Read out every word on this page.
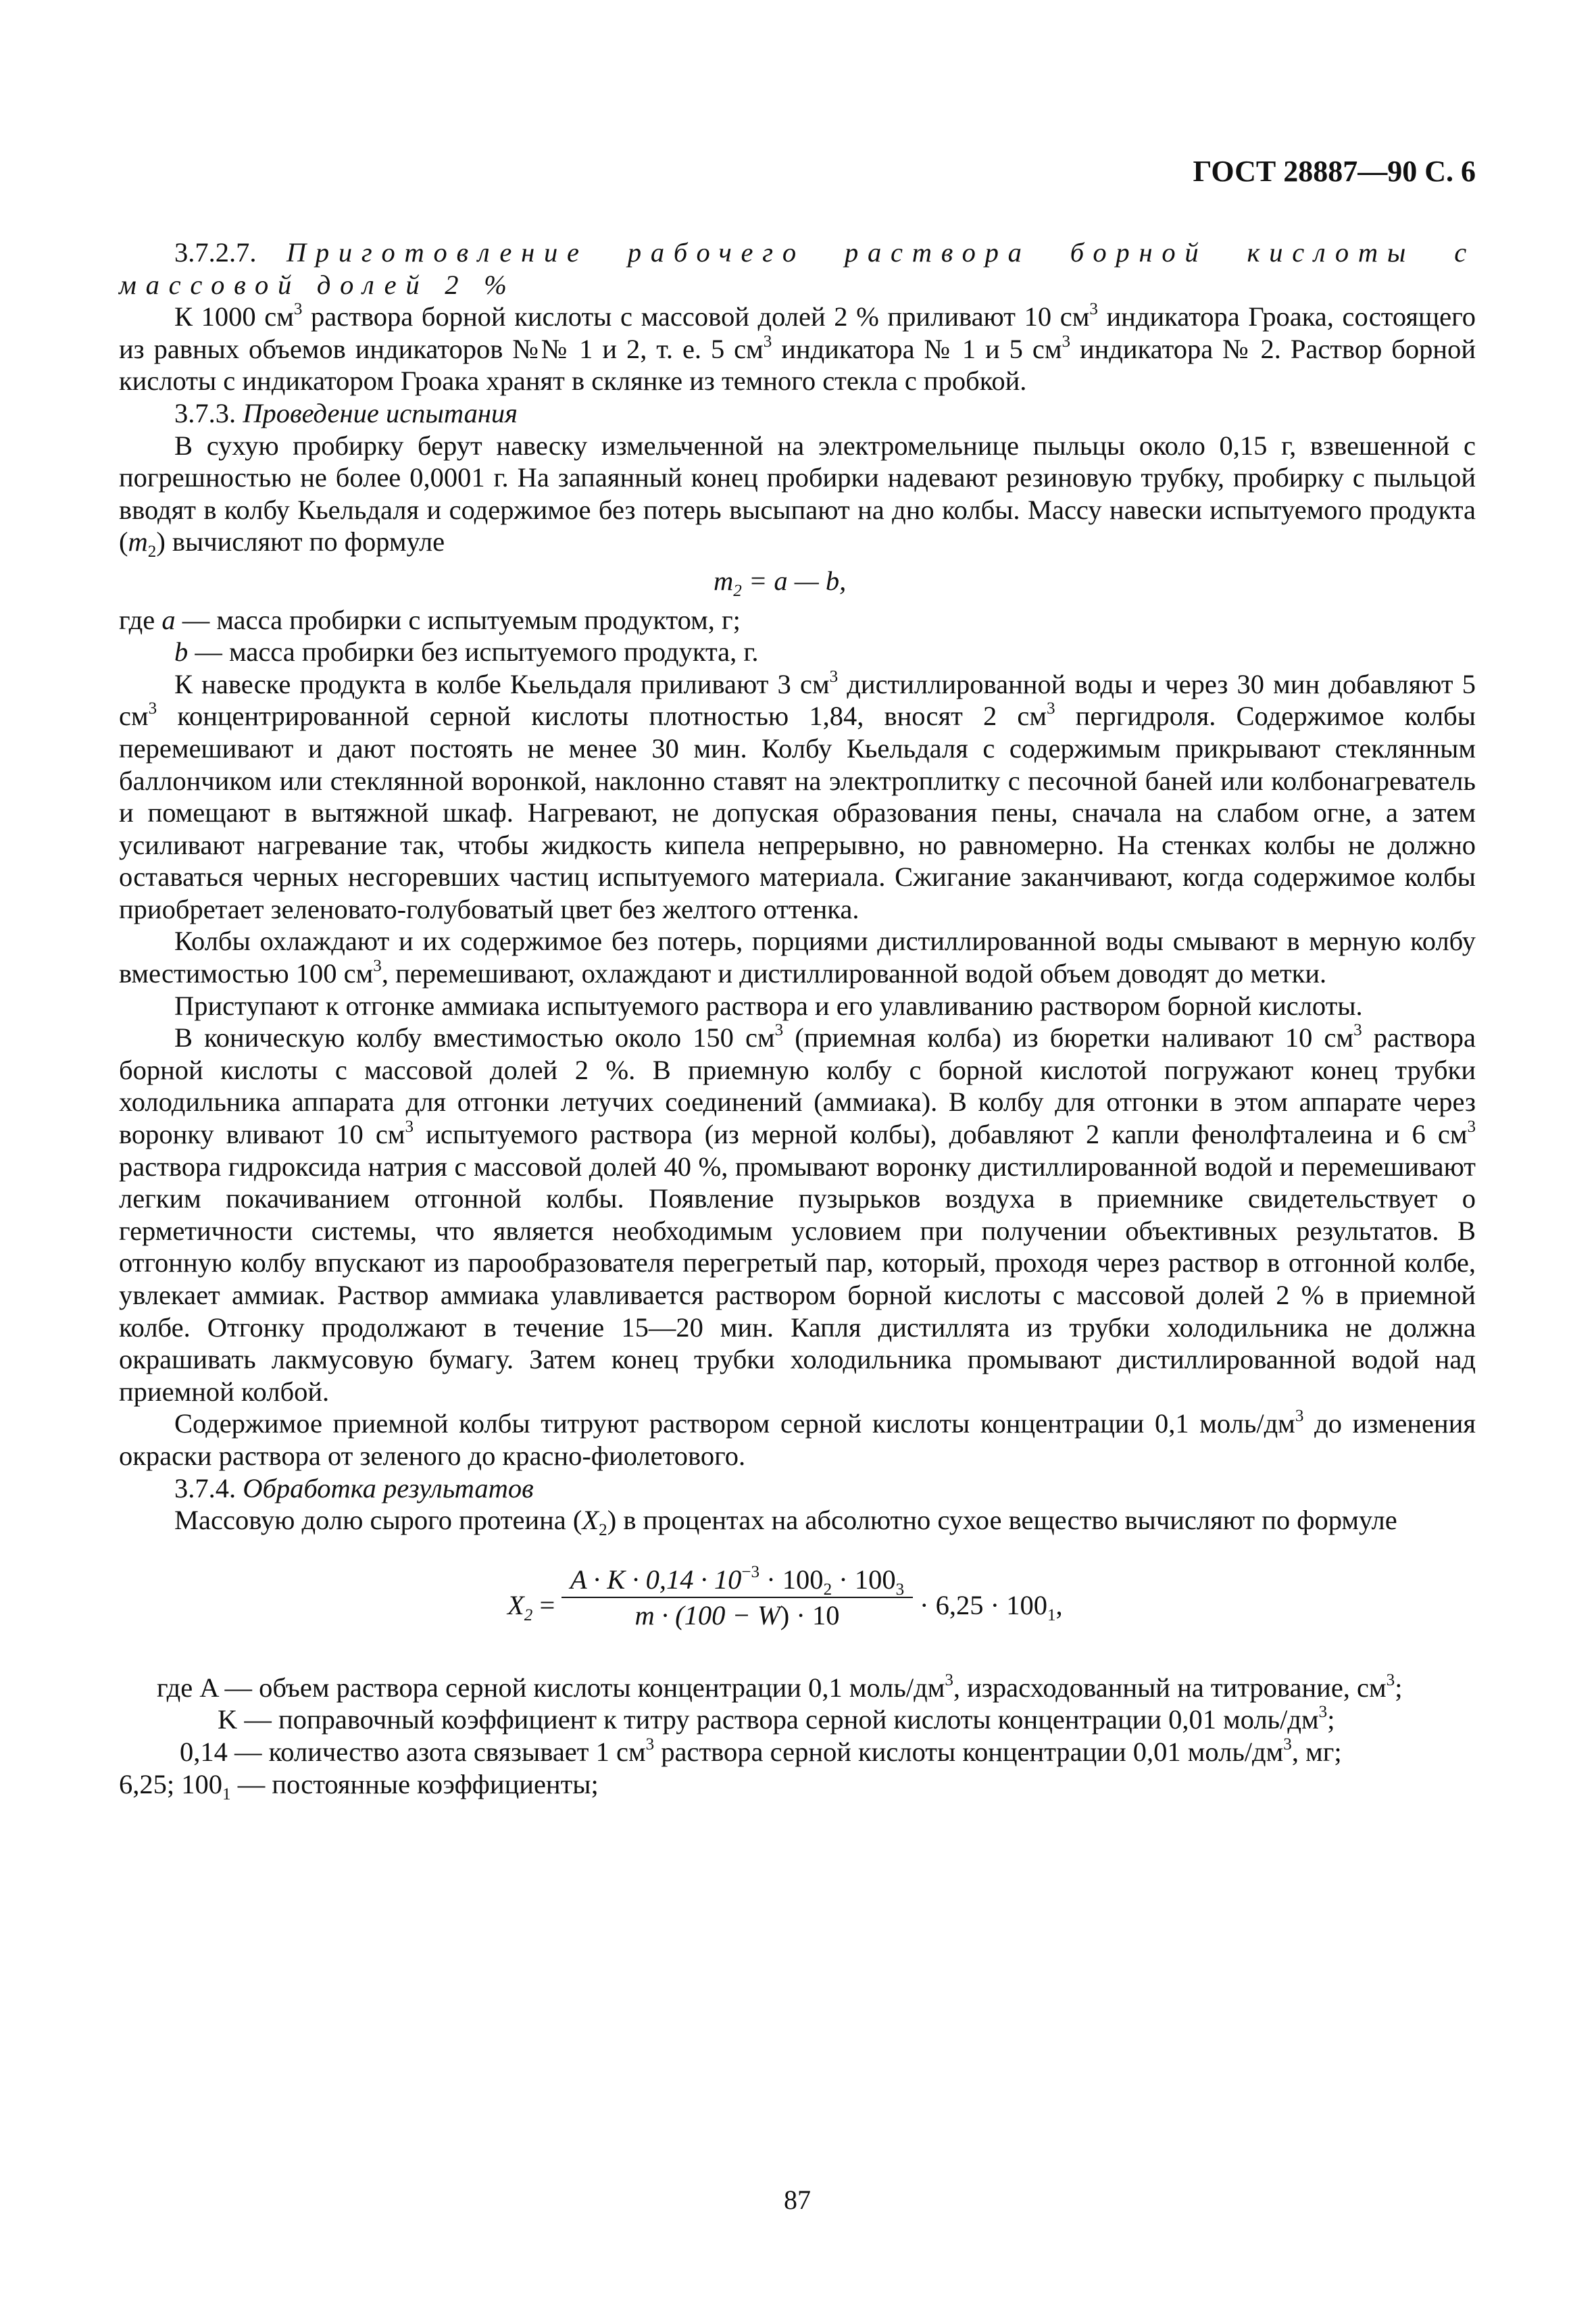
ГОСТ 28887—90 С. 6

3.7.2.7. Приготовление рабочего раствора борной кислоты с массовой долей 2 %

К 1000 $см^3$ раствора борной кислоты с массовой долей 2 % приливают 10 $см^3$ индикатора Гроака, состоящего из равных объемов индикаторов №№ 1 и 2, т. е. 5 $см^3$ индикатора № 1 и 5 $см^3$ индикатора № 2. Раствор борной кислоты с индикатором Гроака хранят в склянке из темного стекла с пробкой.

3.7.3. Проведение испытания

В сухую пробирку берут навеску измельченной на электромельнице пыльцы около 0,15 г, взвешенной с погрешностью не более 0,0001 г. На запаянный конец пробирки надевают резиновую трубку, пробирку с пыльцой вводят в колбу Кьельдаля и содержимое без потерь высыпают на дно колбы. Массу навески испытуемого продукта $(m_2)$ вычисляют по формуле

$m_2 = a$ — b,

где a — масса пробирки с испытуемым продуктом, г;

b — масса пробирки без испытуемого продукта, г.

К навеске продукта в колбе Кьельдаля приливают 3 $см^3$ дистиллированной воды и через 30 мин добавляют 5 $см^3$ концентрированной серной кислоты плотностью 1,84, вносят 2 $см^3$ пергидроля. Содержимое колбы перемешивают и дают постоять не менее 30 мин. Колбу Кьельдаля с содержимым прикрывают стеклянным баллончиком или стеклянной воронкой, наклонно ставят на электроплитку с песочной баней или колбонагреватель и помещают в вытяжной шкаф. Нагревают, не допуская образования пены, сначала на слабом огне, а затем усиливают нагревание так, чтобы жидкость кипела непрерывно, но равномерно. На стенках колбы не должно оставаться черных несгоревших частиц испытуемого материала. Сжигание заканчивают, когда содержимое колбы приобретает зеленовато-голубоватый цвет без желтого оттенка.

Колбы охлаждают и их содержимое без потерь, порциями дистиллированной воды смывают в мерную колбу вместимостью 100 $см^3$, перемешивают, охлаждают и дистиллированной водой объем доводят до метки.

Приступают к отгонке аммиака испытуемого раствора и его улавливанию раствором борной кислоты.

В коническую колбу вместимостью около 150 $см^3$ (приемная колба) из бюретки наливают 10 $см^3$ раствора борной кислоты с массовой долей 2 %. В приемную колбу с борной кислотой погружают конец трубки холодильника аппарата для отгонки летучих соединений (аммиака). В колбу для отгонки в этом аппарате через воронку вливают 10 $см^3$ испытуемого раствора (из мерной колбы), добавляют 2 капли фенолфталеина и 6 $см^3$ раствора гидроксида натрия с массовой долей 40 %, промывают воронку дистиллированной водой и перемешивают легким покачиванием отгонной колбы. Появление пузырьков воздуха в приемнике свидетельствует о герметичности системы, что является необходимым условием при получении объективных результатов. В отгонную колбу впускают из парообразователя перегретый пар, который, проходя через раствор в отгонной колбе, увлекает аммиак. Раствор аммиака улавливается раствором борной кислоты с массовой долей 2 % в приемной колбе. Отгонку продолжают в течение 15—20 мин. Капля дистиллята из трубки холодильника не должна окрашивать лакмусовую бумагу. Затем конец трубки холодильника промывают дистиллированной водой над приемной колбой.

Содержимое приемной колбы титруют раствором серной кислоты концентрации 0,1 моль/$дм^3$ до изменения окраски раствора от зеленого до красно-фиолетового.

3.7.4. Обработка результатов

Массовую долю сырого протеина $(X_2)$ в процентах на абсолютно сухое вещество вычисляют по формуле

$X_2 = \frac{A \cdot K \cdot 0,14 \cdot 10^{-3} \cdot 100_2 \cdot 100_3}{m \cdot (100 - W) \cdot 10} \cdot 6,25 \cdot 100_1$,
где A — объем раствора серной кислоты концентрации 0,1 моль/$дм^3$, израсходованный на титрование, $см^3$;
K — поправочный коэффициент к титру раствора серной кислоты концентрации 0,01 моль/$дм^3$;
0,14 — количество азота связывает 1 $см^3$ раствора серной кислоты концентрации 0,01 моль/$дм^3$, мг;
6,25; $100_1$ — постоянные коэффициенты;
87
